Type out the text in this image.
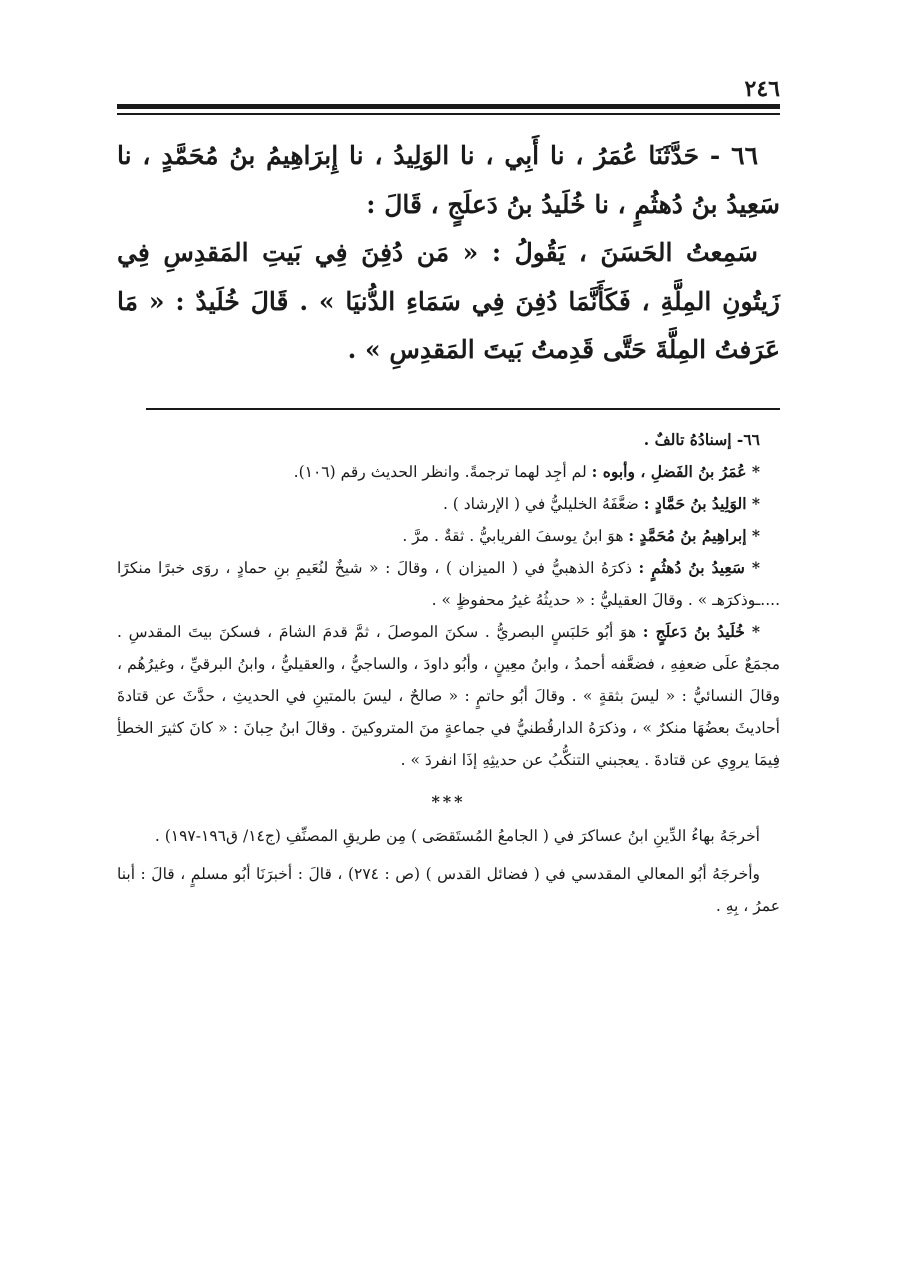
٢٤٦

٦٦ - حَدَّثَنَا عُمَرُ ، نا أَبِي ، نا الوَلِيدُ ، نا إِبرَاهِيمُ بنُ مُحَمَّدٍ ، نا سَعِيدُ بنُ دُهثُمٍ ، نا خُلَيدُ بنُ دَعلَجٍ ، قَالَ :

سَمِعتُ الحَسَنَ ، يَقُولُ : « مَن دُفِنَ فِي بَيتِ المَقدِسِ فِي زَيتُونِ المِلَّةِ ، فَكَأَنَّمَا دُفِنَ فِي سَمَاءِ الدُّنيَا » . قَالَ خُلَيدٌ : « مَا عَرَفتُ المِلَّةَ حَتَّى قَدِمتُ بَيتَ المَقدِسِ » .

٦٦- إسنادُهُ تالفٌ .

* عُمَرُ بنُ الفَضلِ ، وأبوه : لم أجِد لهما ترجمةً. وانظر الحديث رقم (١٠٦).

* الوَلِيدُ بنُ حَمَّادٍ : ضعَّفَهُ الخليليُّ في ( الإرشاد ) .

* إبراهِيمُ بنُ مُحَمَّدٍ : هوَ ابنُ يوسفَ الفريابيُّ . ثقةٌ . مرَّ .

* سَعِيدُ بنُ دُهثُمٍ : ذكرَهُ الذهبيُّ في ( الميزان ) ، وقالَ : « شيخٌ لنُعَيمِ بنِ حمادٍ ، روَى خبرًا منكرًا ....ـوذكرَهـ » . وقالَ العقيليُّ : « حديثُهُ غيرُ محفوظٍ » .

* خُلَيدُ بنُ دَعلَجٍ : هوَ أبُو حَلبَسٍ البصريُّ . سكنَ الموصلَ ، ثمَّ قدمَ الشامَ ، فسكنَ بيتَ المقدسِ . مجمَعٌ علَى ضعفِهِ ، فضعَّفه أحمدُ ، وابنُ معِينٍ ، وأبُو داودَ ، والساجيُّ ، والعقيليُّ ، وابنُ البرقيِّ ، وغيرُهُم ، وقالَ النسائيُّ : « ليسَ بثقةٍ » . وقالَ أبُو حاتمٍ : « صالحٌ ، ليسَ بالمتينِ في الحديثِ ، حدَّثَ عن قتادةَ أحاديثَ بعضُهَا منكرٌ » ، وذكرَهُ الدارقُطنيُّ في جماعةٍ منَ المتروكينَ . وقالَ ابنُ حِبانَ : « كانَ كثيرَ الخطأِ فِيمَا يروِي عن قتادةَ . يعجبني التنكُّبُ عن حديثِهِ إذَا انفردَ » .

***

أخرجَهُ بهاءُ الدِّينِ ابنُ عساكرَ في ( الجامعُ المُستَقصَى ) مِن طريقِ المصنِّفِ (ج١٤/ ق١٩٦-١٩٧) .

وأخرجَهُ أبُو المعالي المقدسي في ( فضائل القدس ) (ص : ٢٧٤) ، قالَ : أخبرَنَا أبُو مسلمٍ ، قالَ : أبنا عمرُ ، بِهِ .
